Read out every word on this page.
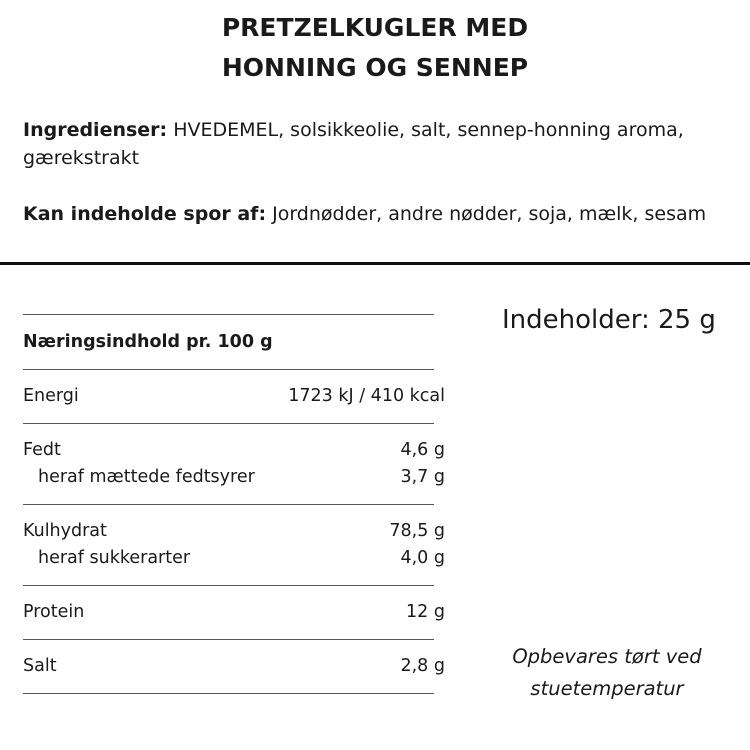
PRETZELKUGLER MED
HONNING OG SENNEP
Ingredienser: HVEDEMEL, solsikkeolie, salt, sennep-honning aroma, gærekstrakt
Kan indeholde spor af: Jordnødder, andre nødder, soja, mælk, sesam
Næringsindhold pr. 100 g
Energi	1723 kJ / 410 kcal
Fedt	4,6 g
heraf mættede fedtsyrer	3,7 g
Kulhydrat	78,5 g
heraf sukkerarter	4,0 g
Protein	12 g
Salt	2,8 g
Indeholder: 25 g
Opbevares tørt ved
stuetemperatur
